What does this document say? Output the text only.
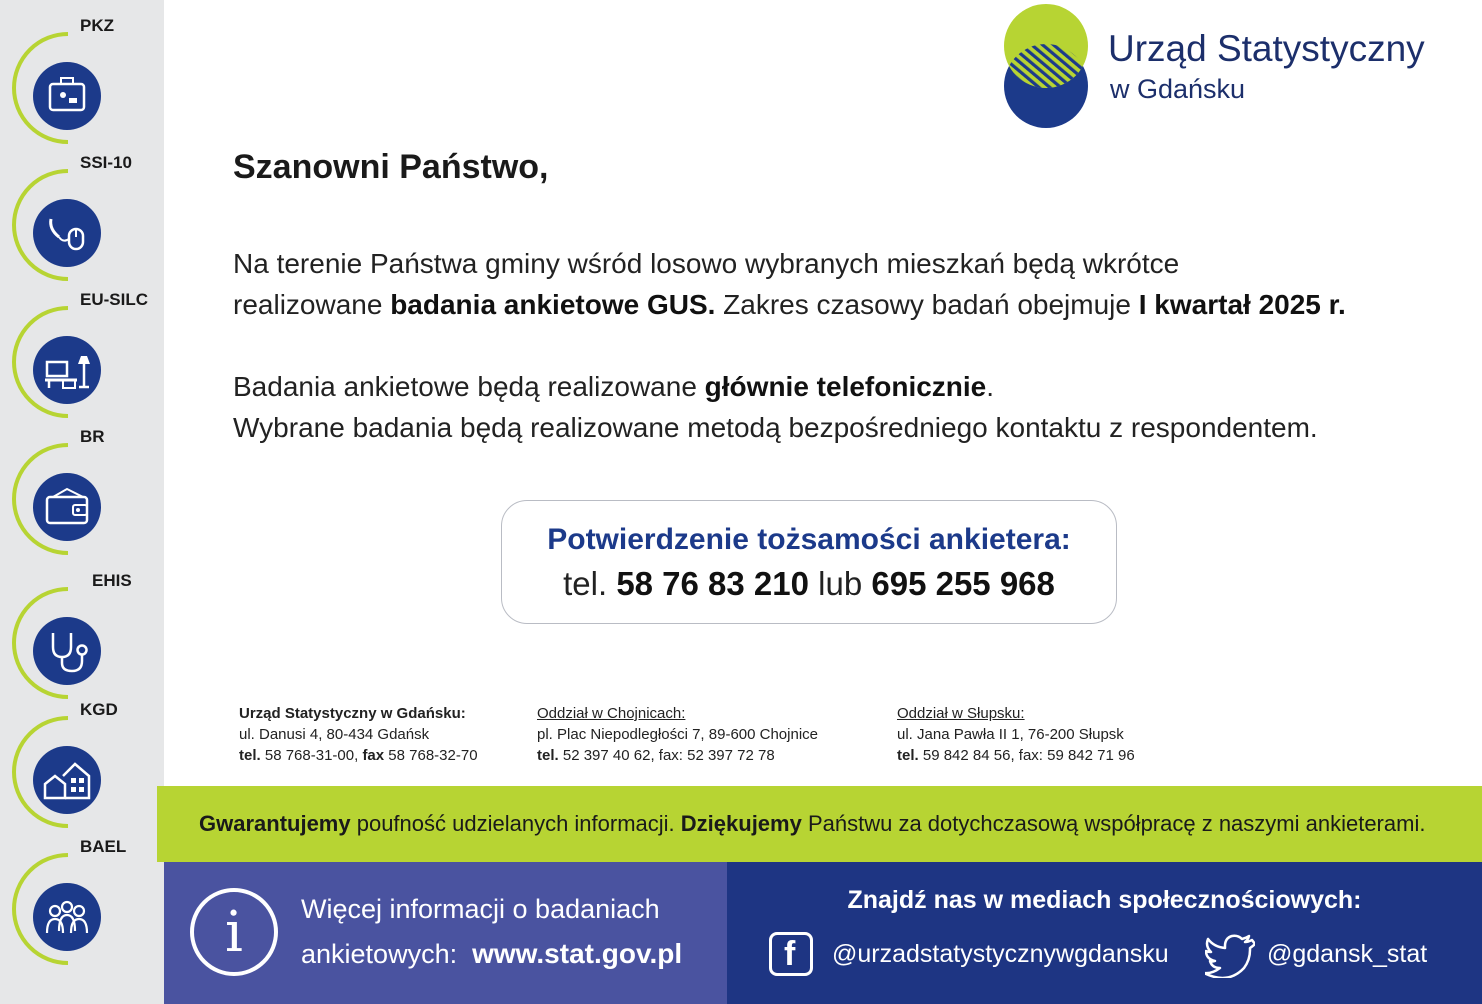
PKZ
SSI-10
EU-SILC
BR
EHIS
KGD
BAEL
Urząd Statystyczny
w Gdańsku
Szanowni Państwo,
Na terenie Państwa gminy wśród losowo wybranych mieszkań będą wkrótce
realizowane badania ankietowe GUS. Zakres czasowy badań obejmuje I kwartał 2025 r.
Badania ankietowe będą realizowane głównie telefonicznie.
Wybrane badania będą realizowane metodą bezpośredniego kontaktu z respondentem.
Potwierdzenie tożsamości ankietera:
tel. 58 76 83 210 lub 695 255 968
Urząd Statystyczny w Gdańsku:
ul. Danusi 4, 80-434 Gdańsk
tel. 58 768-31-00, fax 58 768-32-70
Oddział w Chojnicach:
pl. Plac Niepodległości 7, 89-600 Chojnice
tel. 52 397 40 62, fax: 52 397 72 78
Oddział w Słupsku:
ul. Jana Pawła II 1, 76-200 Słupsk
tel. 59 842 84 56, fax: 59 842 71 96
Gwarantujemy poufność udzielanych informacji. Dziękujemy Państwu za dotychczasową współpracę z naszymi ankieterami.
i	Więcej informacji o badaniach
ankietowych:  www.stat.gov.pl
Znajdź nas w mediach społecznościowych:
f @urzadstatystycznywgdansku	@gdansk_stat
